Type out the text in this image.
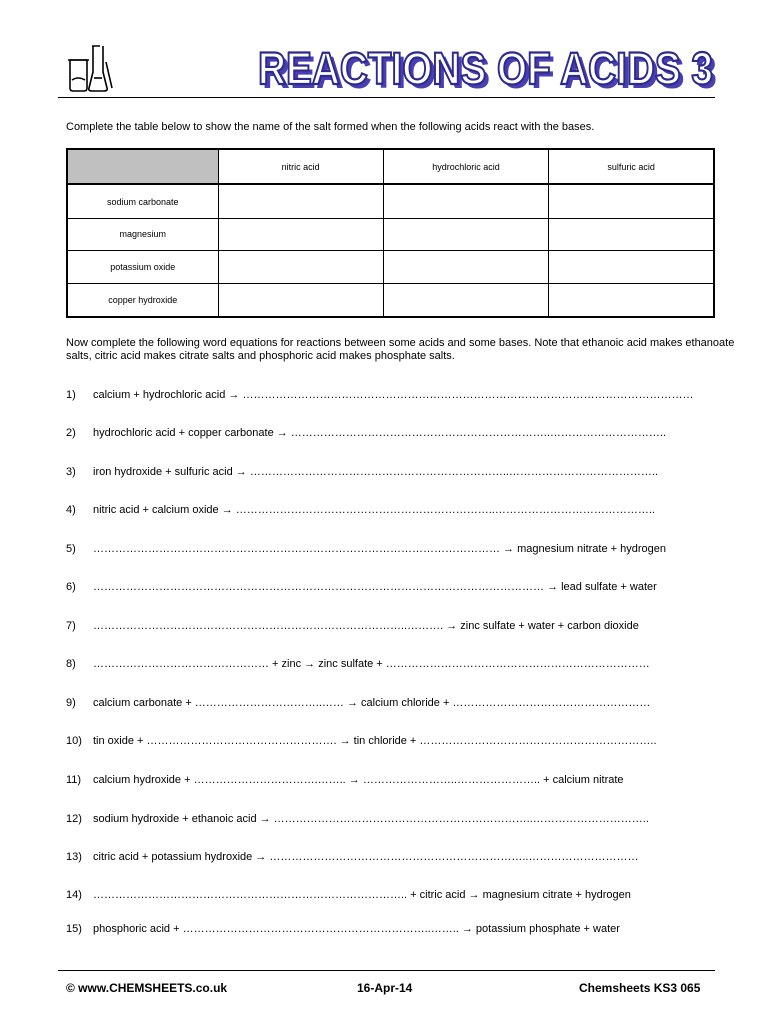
REACTIONS OF ACIDS 3
REACTIONS OF ACIDS 3
Complete the table below to show the name of the salt formed when the following acids react with the bases.
	nitric acid	hydrochloric acid	sulfuric acid
sodium carbonate			
magnesium			
potassium oxide			
copper hydroxide			
Now complete the following word equations for reactions between some acids and some bases. Note that ethanoic acid makes ethanoate salts, citric acid makes citrate salts and phosphoric acid makes phosphate salts.
1) calcium + hydrochloric acid → ……………………………………………………………………………………………………………
2) hydrochloric acid + copper carbonate → ……………………………………………………………..…………………………..
3) iron hydroxide + sulfuric acid → ……………………………………………………………..…………………………………..
4) nitric acid + calcium oxide → ……………………………………………………………..……………………………………..
5) ………………………………………………………………………………………………… → magnesium nitrate + hydrogen
6) …………………………………………………………………………………………………………… → lead sulfate + water
7) …………………………………………………………………………..………. → zinc sulfate + water + carbon dioxide
8) ………………………………………… + zinc → zinc sulfate + ………………………………………………………………
9) calcium carbonate + ……………………………..…… → calcium chloride + ………………………………………………
10) tin oxide + ……………………………………………. → tin chloride + ………………………………………………………..
11) calcium hydroxide + …………………………….…….. → ……………………..………………….. + calcium nitrate
12) sodium hydroxide + ethanoic acid → ……………………………………………………………..…………………………..
13) citric acid + potassium hydroxide → ……………………………………………………………..…………………………
14) ………………………………………………………………………….. + citric acid → magnesium citrate + hydrogen
15) phosphoric acid + …………………………………………………………..…….. → potassium phosphate + water
© www.CHEMSHEETS.co.uk	16-Apr-14	Chemsheets KS3 065
